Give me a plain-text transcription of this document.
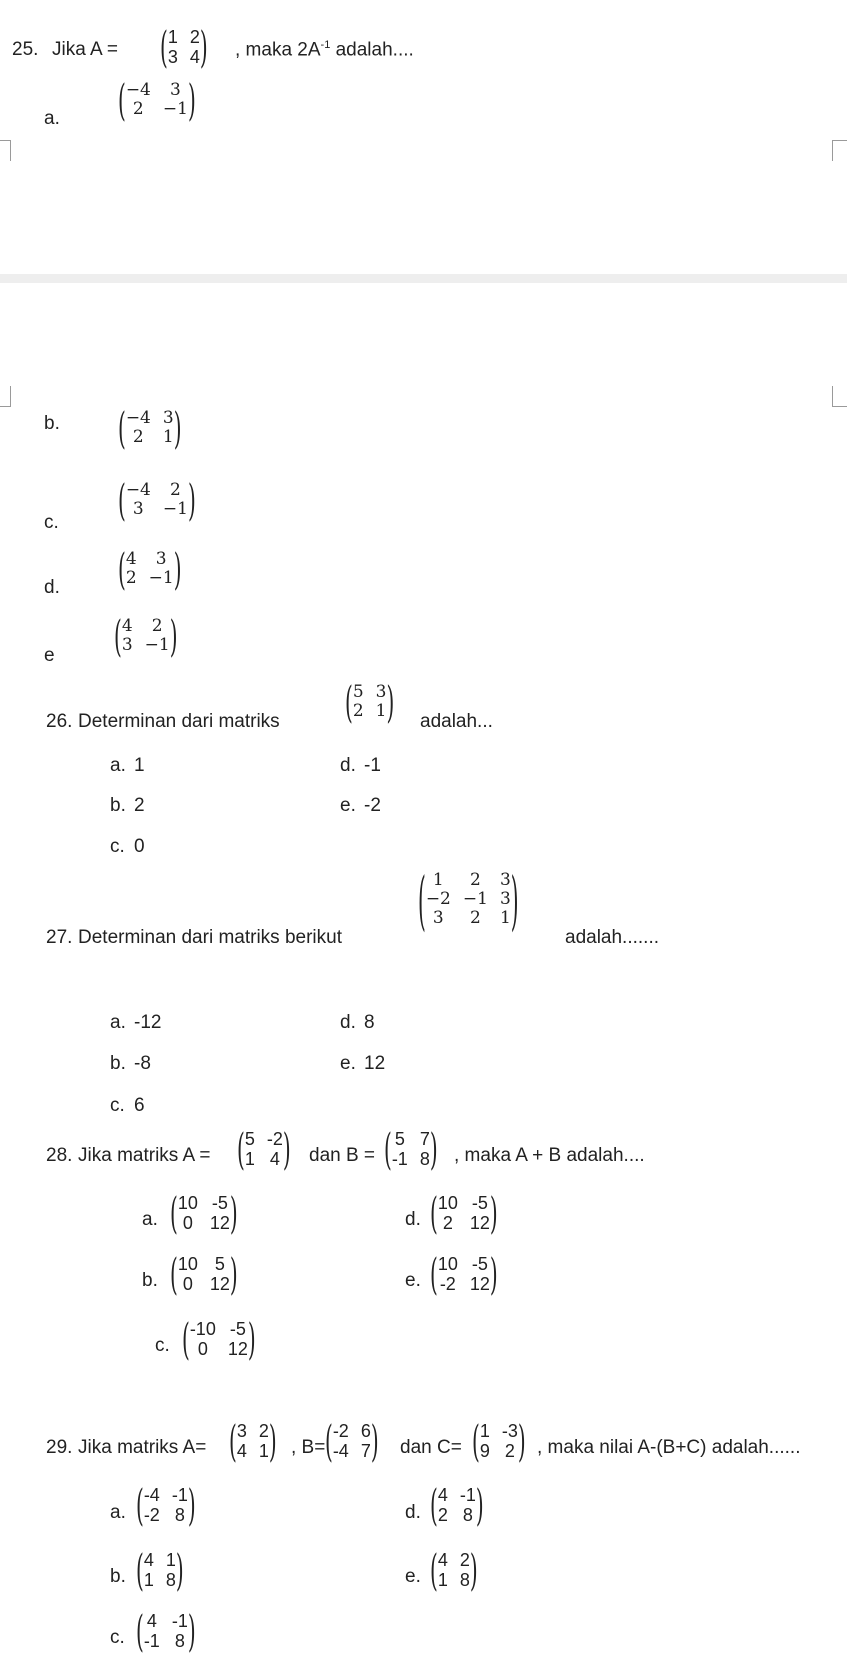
25. Jika A = ( 1 2
3 4 ) , maka $2A^{-1}$ adalah....
a.	( −4	3
2	−1 )
b.	( −4 3
2	1 )
c.	( −4	2
3	−1 )
d.	( 4	3
2 −1 )
e	( 4	2
3 −1 )
26. Determinan dari matriks	( 5 3
2 1 ) adalah...
a. 1
b. 2
c. 0
d. -1
e. -2
27. Determinan dari matriks berikut	( 1	2	3
−2 −1 3
3	2	1 ) adalah.......
a. -12
b. -8
c. 6
d. 8
e. 12
28. Jika matriks A = ( 5 -2
1 4 ) dan B = ( 5 7
-1 8 ) , maka A + B adalah....
a. ( 10 -5
0 12 )
b. ( 10 5
0 12 )
c. ( -10 -5
0	12 )
d. ( 10 -5
2 12 )
e. ( 10 -5
-2 12 )
29. Jika matriks A= ( 3 2
4 1 ) , B= ( -2 6
-4 7 ) dan C= ( 1 -3
9 2 ) , maka nilai A-(B+C) adalah......
a. ( -4 -1
-2 8 )
b. ( 4 1
1 8 )
c. ( 4 -1
-1 8 )
d. ( 4 -1
2 8 )
e. ( 4 2
1 8 )
